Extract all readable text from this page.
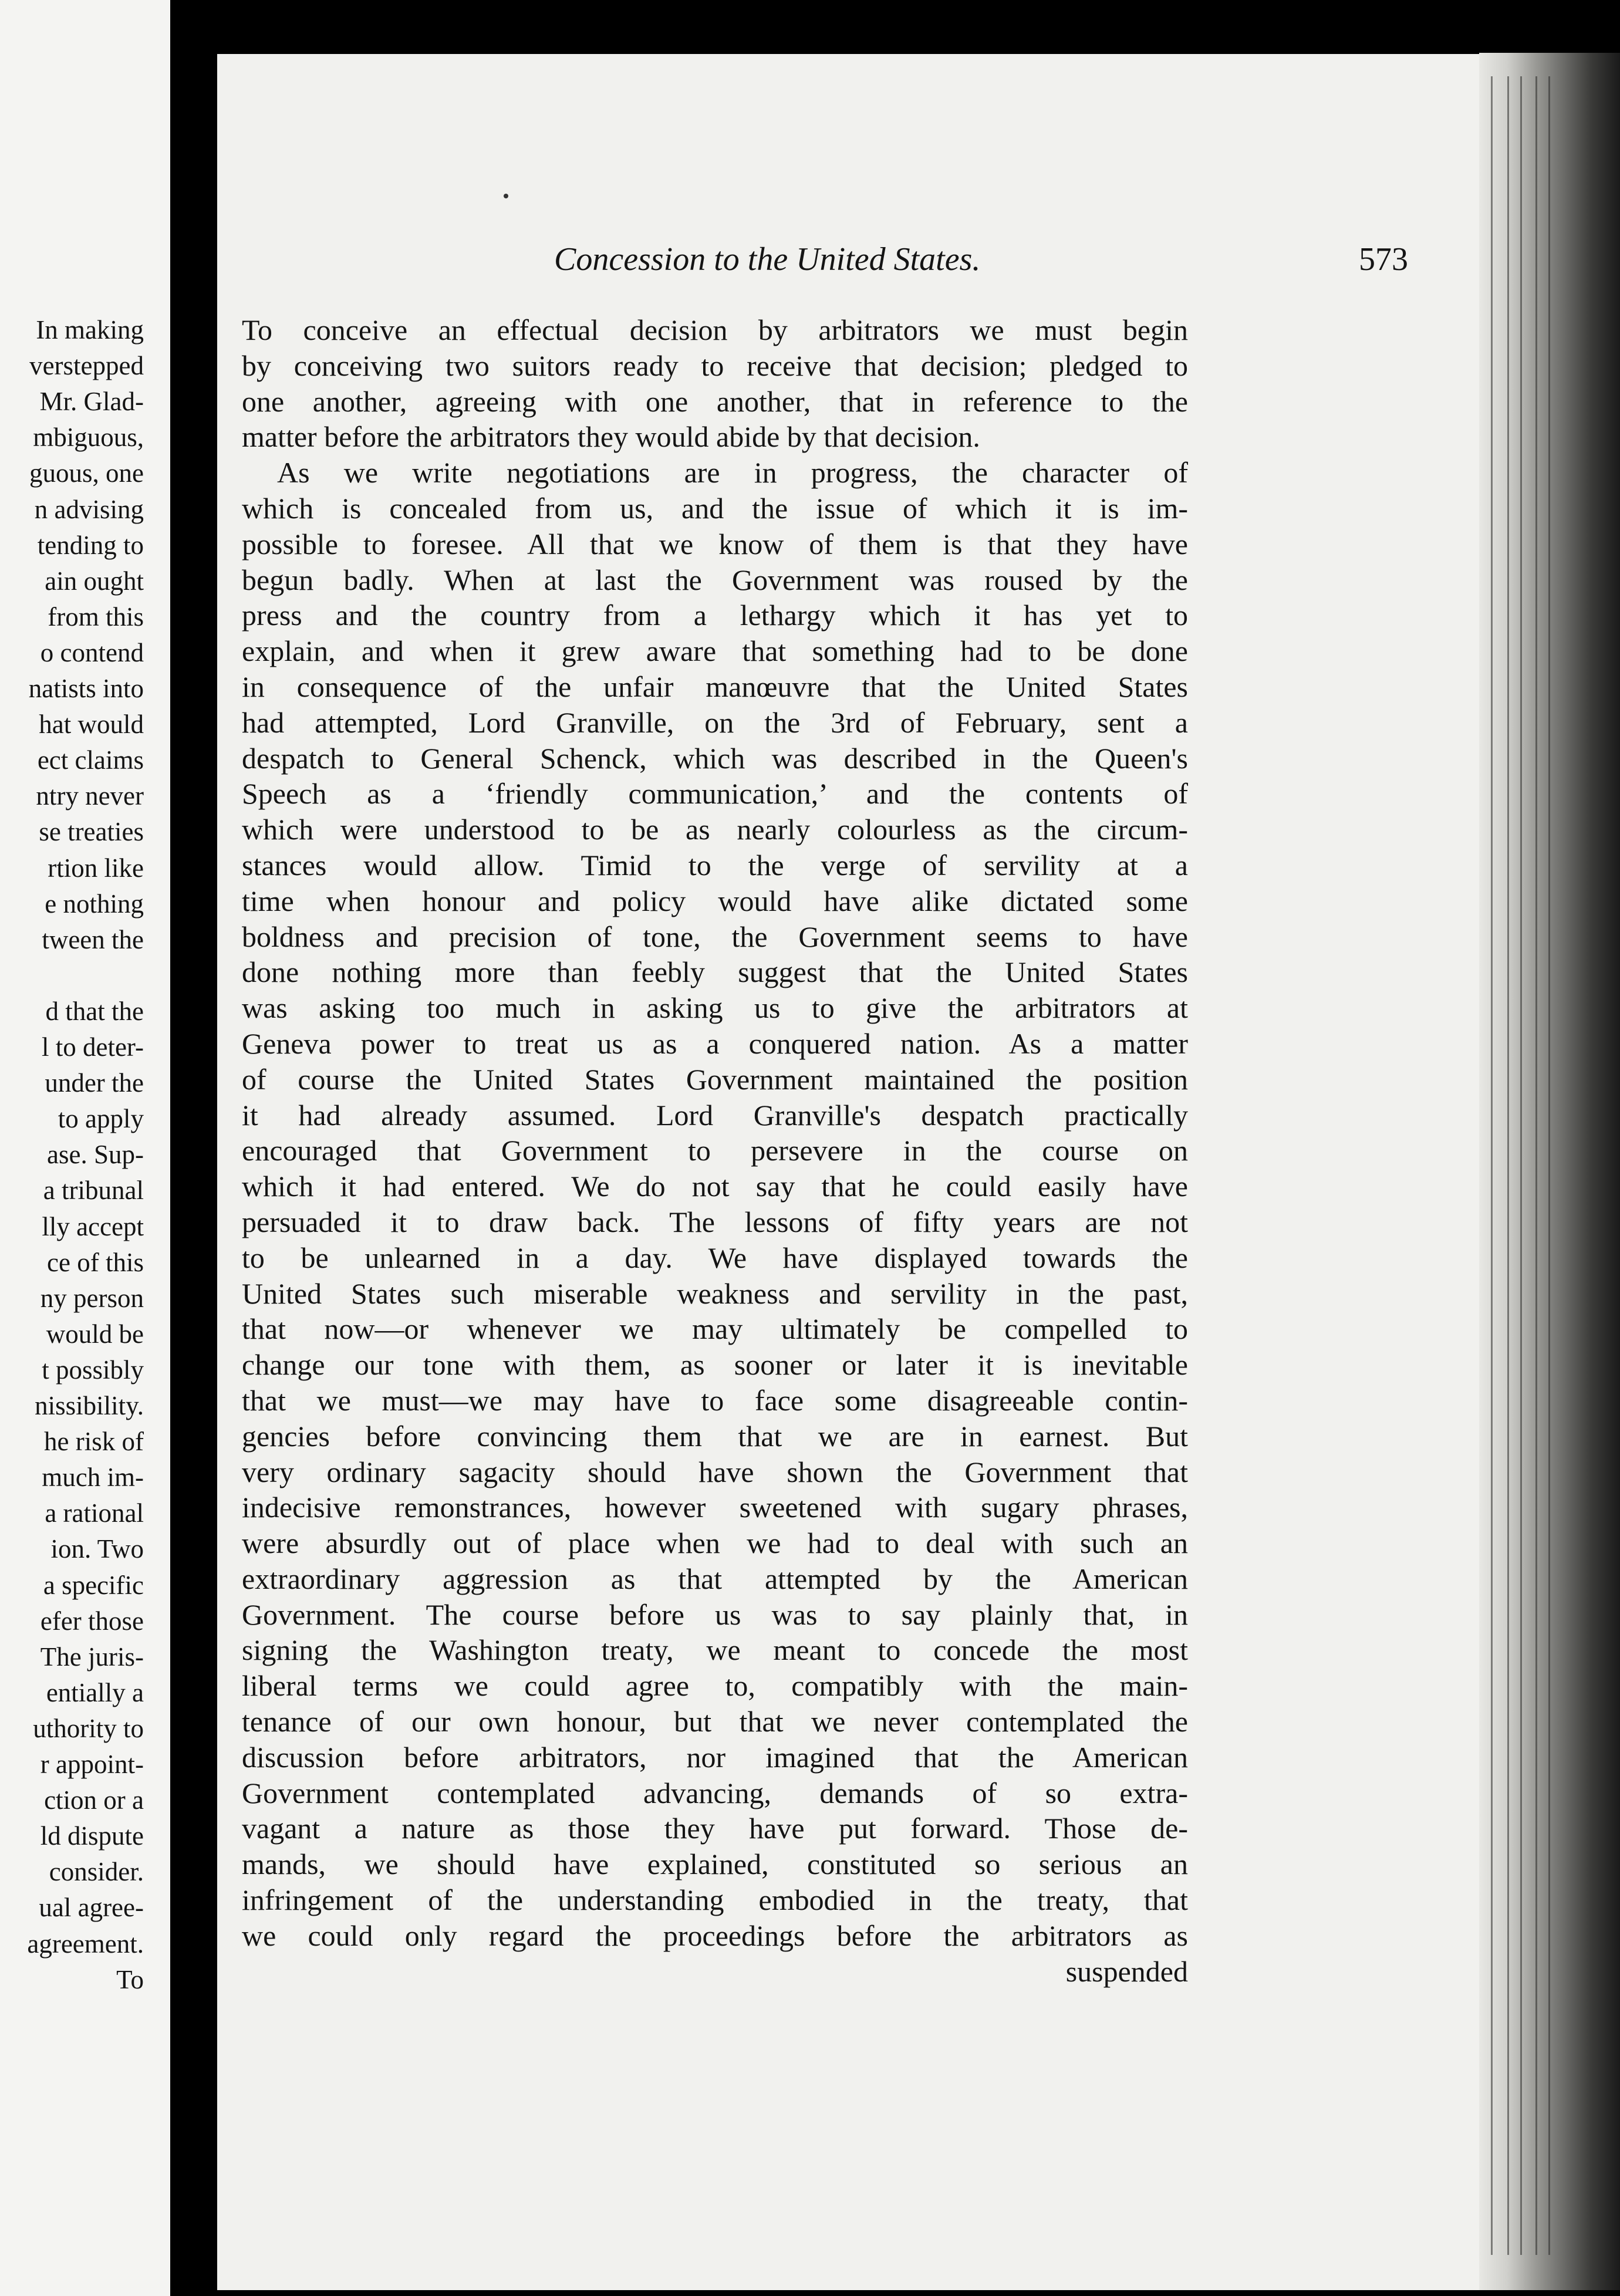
In making
verstepped
Mr. Glad-
mbiguous,
guous, one
n advising
tending to
ain ought
from this
o contend
natists into
hat would
ect claims
ntry never
se treaties
rtion like
e nothing
tween the
d that the
l to deter-
under the
to apply
ase. Sup-
a tribunal
lly accept
ce of this
ny person
would be
t possibly
nissibility.
he risk of
much im-
a rational
ion. Two
a specific
efer those
The juris-
entially a
uthority to
r appoint-
ction or a
ld dispute
consider.
ual agree-
agreement.
To
Concession to the United States.	573
To conceive an effectual decision by arbitrators we must begin
by conceiving two suitors ready to receive that decision; pledged to
one another, agreeing with one another, that in reference to the
matter before the arbitrators they would abide by that decision.
As we write negotiations are in progress, the character of
which is concealed from us, and the issue of which it is im-
possible to foresee. All that we know of them is that they have
begun badly. When at last the Government was roused by the
press and the country from a lethargy which it has yet to
explain, and when it grew aware that something had to be done
in consequence of the unfair manœuvre that the United States
had attempted, Lord Granville, on the 3rd of February, sent a
despatch to General Schenck, which was described in the Queen's
Speech as a ‘friendly communication,’ and the contents of
which were understood to be as nearly colourless as the circum-
stances would allow. Timid to the verge of servility at a
time when honour and policy would have alike dictated some
boldness and precision of tone, the Government seems to have
done nothing more than feebly suggest that the United States
was asking too much in asking us to give the arbitrators at
Geneva power to treat us as a conquered nation. As a matter
of course the United States Government maintained the position
it had already assumed. Lord Granville's despatch practically
encouraged that Government to persevere in the course on
which it had entered. We do not say that he could easily have
persuaded it to draw back. The lessons of fifty years are not
to be unlearned in a day. We have displayed towards the
United States such miserable weakness and servility in the past,
that now—or whenever we may ultimately be compelled to
change our tone with them, as sooner or later it is inevitable
that we must—we may have to face some disagreeable contin-
gencies before convincing them that we are in earnest. But
very ordinary sagacity should have shown the Government that
indecisive remonstrances, however sweetened with sugary phrases,
were absurdly out of place when we had to deal with such an
extraordinary aggression as that attempted by the American
Government. The course before us was to say plainly that, in
signing the Washington treaty, we meant to concede the most
liberal terms we could agree to, compatibly with the main-
tenance of our own honour, but that we never contemplated the
discussion before arbitrators, nor imagined that the American
Government contemplated advancing, demands of so extra-
vagant a nature as those they have put forward. Those de-
mands, we should have explained, constituted so serious an
infringement of the understanding embodied in the treaty, that
we could only regard the proceedings before the arbitrators as
suspended
